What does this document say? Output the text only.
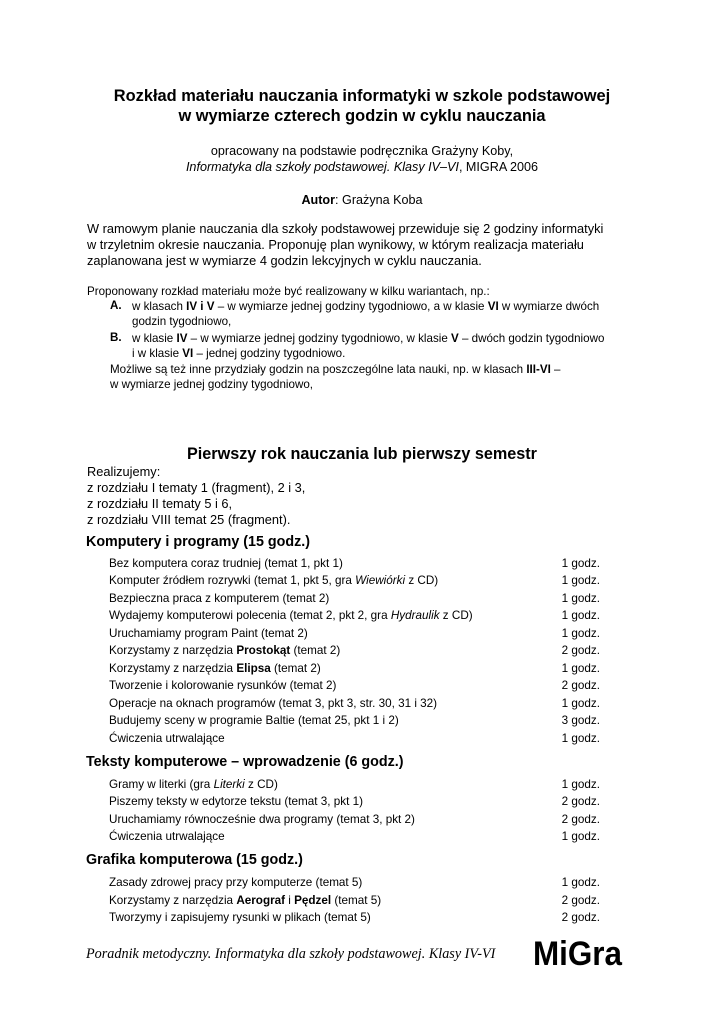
Rozkład materiału nauczania informatyki w szkole podstawowej
w wymiarze czterech godzin w cyklu nauczania
opracowany na podstawie podręcznika Grażyny Koby,
Informatyka dla szkoły podstawowej. Klasy IV–VI, MIGRA 2006
Autor: Grażyna Koba
W ramowym planie nauczania dla szkoły podstawowej przewiduje się 2 godziny informatyki
w trzyletnim okresie nauczania. Proponuję plan wynikowy, w którym realizacja materiału
zaplanowana jest w wymiarze 4 godzin lekcyjnych w cyklu nauczania.
Proponowany rozkład materiału może być realizowany w kilku wariantach, np.:
A. w klasach IV i V – w wymiarze jednej godziny tygodniowo, a w klasie VI w wymiarze dwóch
godzin tygodniowo,
B. w klasie IV – w wymiarze jednej godziny tygodniowo, w klasie V – dwóch godzin tygodniowo
i w klasie VI – jednej godziny tygodniowo.
Możliwe są też inne przydziały godzin na poszczególne lata nauki, np. w klasach III-VI –
w wymiarze jednej godziny tygodniowo,
Pierwszy rok nauczania lub pierwszy semestr
Realizujemy:
z rozdziału I tematy 1 (fragment), 2 i 3,
z rozdziału II tematy 5 i 6,
z rozdziału VIII temat 25 (fragment).
Komputery i programy (15 godz.)
Bez komputera coraz trudniej (temat 1, pkt 1)	1 godz.
Komputer źródłem rozrywki (temat 1, pkt 5, gra Wiewiórki z CD)	1 godz.
Bezpieczna praca z komputerem (temat 2)	1 godz.
Wydajemy komputerowi polecenia (temat 2, pkt 2, gra Hydraulik z CD)	1 godz.
Uruchamiamy program Paint (temat 2)	1 godz.
Korzystamy z narzędzia Prostokąt (temat 2)	2 godz.
Korzystamy z narzędzia Elipsa (temat 2)	1 godz.
Tworzenie i kolorowanie rysunków (temat 2)	2 godz.
Operacje na oknach programów (temat 3, pkt 3, str. 30, 31 i 32)	1 godz.
Budujemy sceny w programie Baltie (temat 25, pkt 1 i 2)	3 godz.
Ćwiczenia utrwalające	1 godz.
Teksty komputerowe – wprowadzenie (6 godz.)
Gramy w literki (gra Literki z CD)	1 godz.
Piszemy teksty w edytorze tekstu (temat 3, pkt 1)	2 godz.
Uruchamiamy równocześnie dwa programy (temat 3, pkt 2)	2 godz.
Ćwiczenia utrwalające	1 godz.
Grafika komputerowa (15 godz.)
Zasady zdrowej pracy przy komputerze (temat 5)	1 godz.
Korzystamy z narzędzia Aerograf i Pędzel (temat 5)	2 godz.
Tworzymy i zapisujemy rysunki w plikach (temat 5)	2 godz.
Poradnik metodyczny. Informatyka dla szkoły podstawowej. Klasy IV-VI MiGra
